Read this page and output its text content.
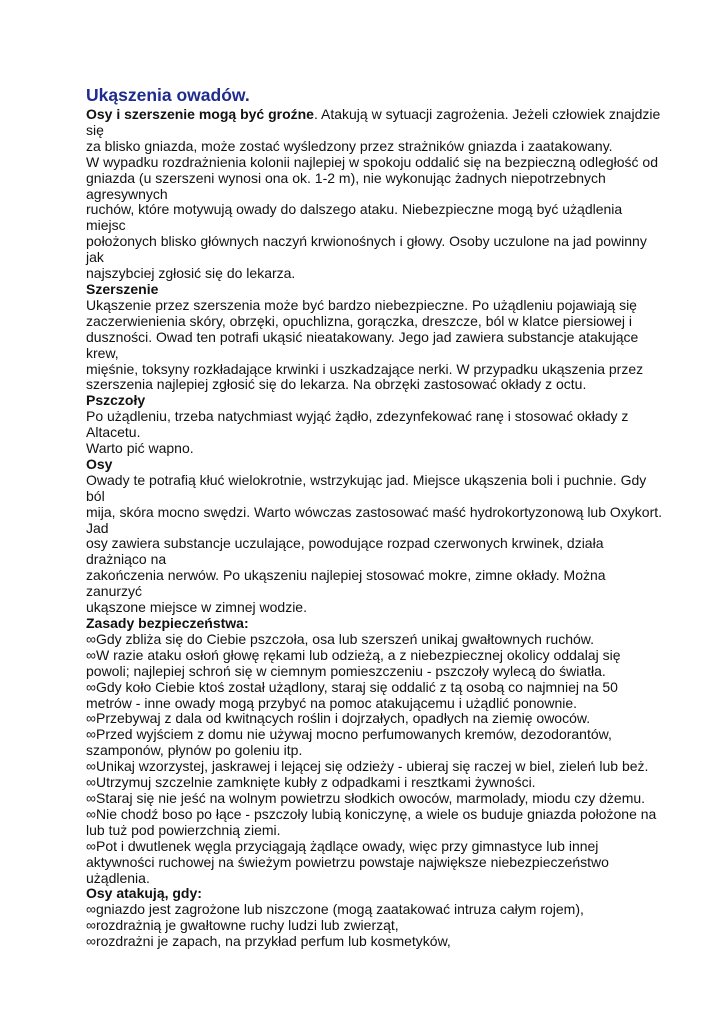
Ukąszenia owadów.
Osy i szerszenie mogą być groźne. Atakują w sytuacji zagrożenia. Jeżeli człowiek znajdzie
się
za blisko gniazda, może zostać wyśledzony przez strażników gniazda i zaatakowany.
W wypadku rozdrażnienia kolonii najlepiej w spokoju oddalić się na bezpieczną odległość od
gniazda (u szerszeni wynosi ona ok. 1-2 m), nie wykonując żadnych niepotrzebnych
agresywnych
ruchów, które motywują owady do dalszego ataku. Niebezpieczne mogą być użądlenia
miejsc
położonych blisko głównych naczyń krwionośnych i głowy. Osoby uczulone na jad powinny
jak
najszybciej zgłosić się do lekarza.
Szerszenie
Ukąszenie przez szerszenia może być bardzo niebezpieczne. Po użądleniu pojawiają się
zaczerwienienia skóry, obrzęki, opuchlizna, gorączka, dreszcze, ból w klatce piersiowej i
duszności. Owad ten potrafi ukąsić nieatakowany. Jego jad zawiera substancje atakujące
krew,
mięśnie, toksyny rozkładające krwinki i uszkadzające nerki. W przypadku ukąszenia przez
szerszenia najlepiej zgłosić się do lekarza. Na obrzęki zastosować okłady z octu.
Pszczoły
Po użądleniu, trzeba natychmiast wyjąć żądło, zdezynfekować ranę i stosować okłady z
Altacetu.
Warto pić wapno.
Osy
Owady te potrafią kłuć wielokrotnie, wstrzykując jad. Miejsce ukąszenia boli i puchnie. Gdy
ból
mija, skóra mocno swędzi. Warto wówczas zastosować maść hydrokortyzonową lub Oxykort.
Jad
osy zawiera substancje uczulające, powodujące rozpad czerwonych krwinek, działa
drażniąco na
zakończenia nerwów. Po ukąszeniu najlepiej stosować mokre, zimne okłady. Można
zanurzyć
ukąszone miejsce w zimnej wodzie.
Zasady bezpieczeństwa:
∞Gdy zbliża się do Ciebie pszczoła, osa lub szerszeń unikaj gwałtownych ruchów.
∞W razie ataku osłoń głowę rękami lub odzieżą, a z niebezpiecznej okolicy oddalaj się
powoli; najlepiej schroń się w ciemnym pomieszczeniu - pszczoły wylecą do światła.
∞Gdy koło Ciebie ktoś został użądlony, staraj się oddalić z tą osobą co najmniej na 50
metrów - inne owady mogą przybyć na pomoc atakującemu i użądlić ponownie.
∞Przebywaj z dala od kwitnących roślin i dojrzałych, opadłych na ziemię owoców.
∞Przed wyjściem z domu nie używaj mocno perfumowanych kremów, dezodorantów,
szamponów, płynów po goleniu itp.
∞Unikaj wzorzystej, jaskrawej i lejącej się odzieży - ubieraj się raczej w biel, zieleń lub beż.
∞Utrzymuj szczelnie zamknięte kubły z odpadkami i resztkami żywności.
∞Staraj się nie jeść na wolnym powietrzu słodkich owoców, marmolady, miodu czy dżemu.
∞Nie chodź boso po łące - pszczoły lubią koniczynę, a wiele os buduje gniazda położone na
lub tuż pod powierzchnią ziemi.
∞Pot i dwutlenek węgla przyciągają żądlące owady, więc przy gimnastyce lub innej
aktywności ruchowej na świeżym powietrzu powstaje największe niebezpieczeństwo
użądlenia.
Osy atakują, gdy:
∞gniazdo jest zagrożone lub niszczone (mogą zaatakować intruza całym rojem),
∞rozdrażnią je gwałtowne ruchy ludzi lub zwierząt,
∞rozdrażni je zapach, na przykład perfum lub kosmetyków,
